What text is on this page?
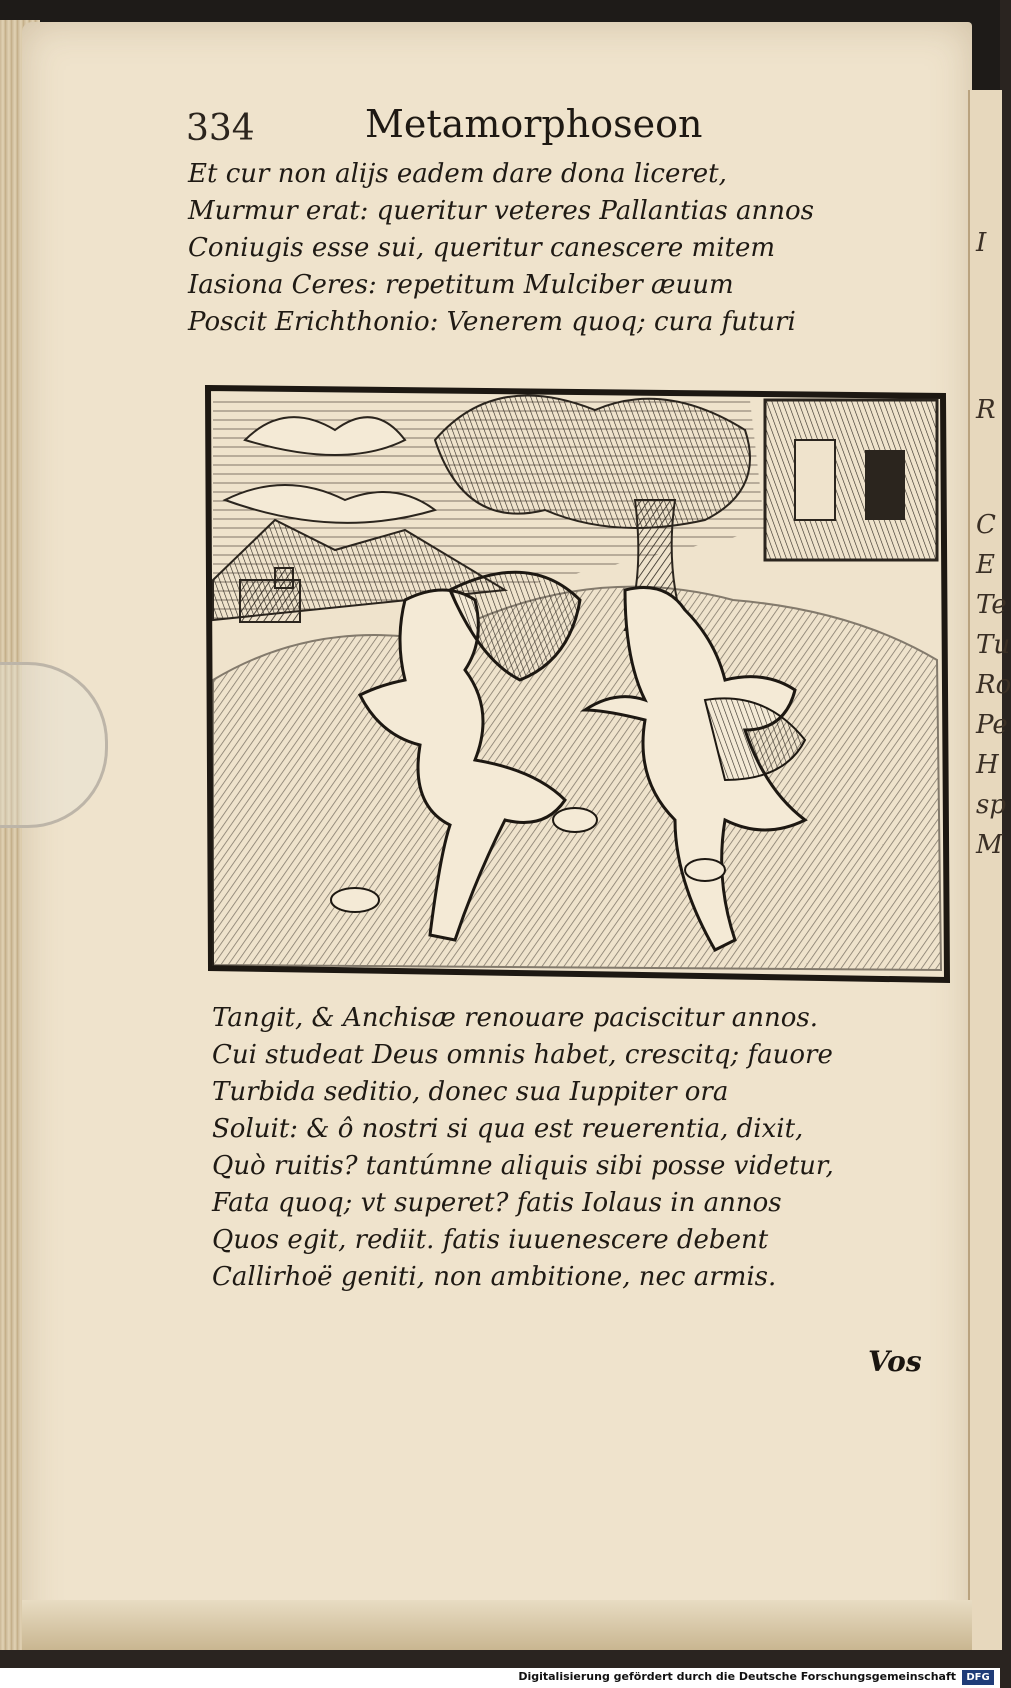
I
R
C
E
Te
Tu
Ro
Pe
H
sp
M
334	Metamorphoseon
Et cur non alijs eadem dare dona liceret,
Murmur erat: queritur veteres Pallantias annos
Coniugis esse sui, queritur canescere mitem
Iasiona Ceres: repetitum Mulciber æuum
Poscit Erichthonio: Venerem quoq; cura futuri
Tangit, & Anchisæ renouare paciscitur annos.
Cui studeat Deus omnis habet, crescitq; fauore
Turbida seditio, donec sua Iuppiter ora
Soluit: & ô nostri si qua est reuerentia, dixit,
Quò ruitis? tantúmne aliquis sibi posse videtur,
Fata quoq; vt superet? fatis Iolaus in annos
Quos egit, rediit. fatis iuuenescere debent
Callirhoë geniti, non ambitione, nec armis.
Vos
Digitalisierung gefördert durch die Deutsche Forschungsgemeinschaft	DFG
